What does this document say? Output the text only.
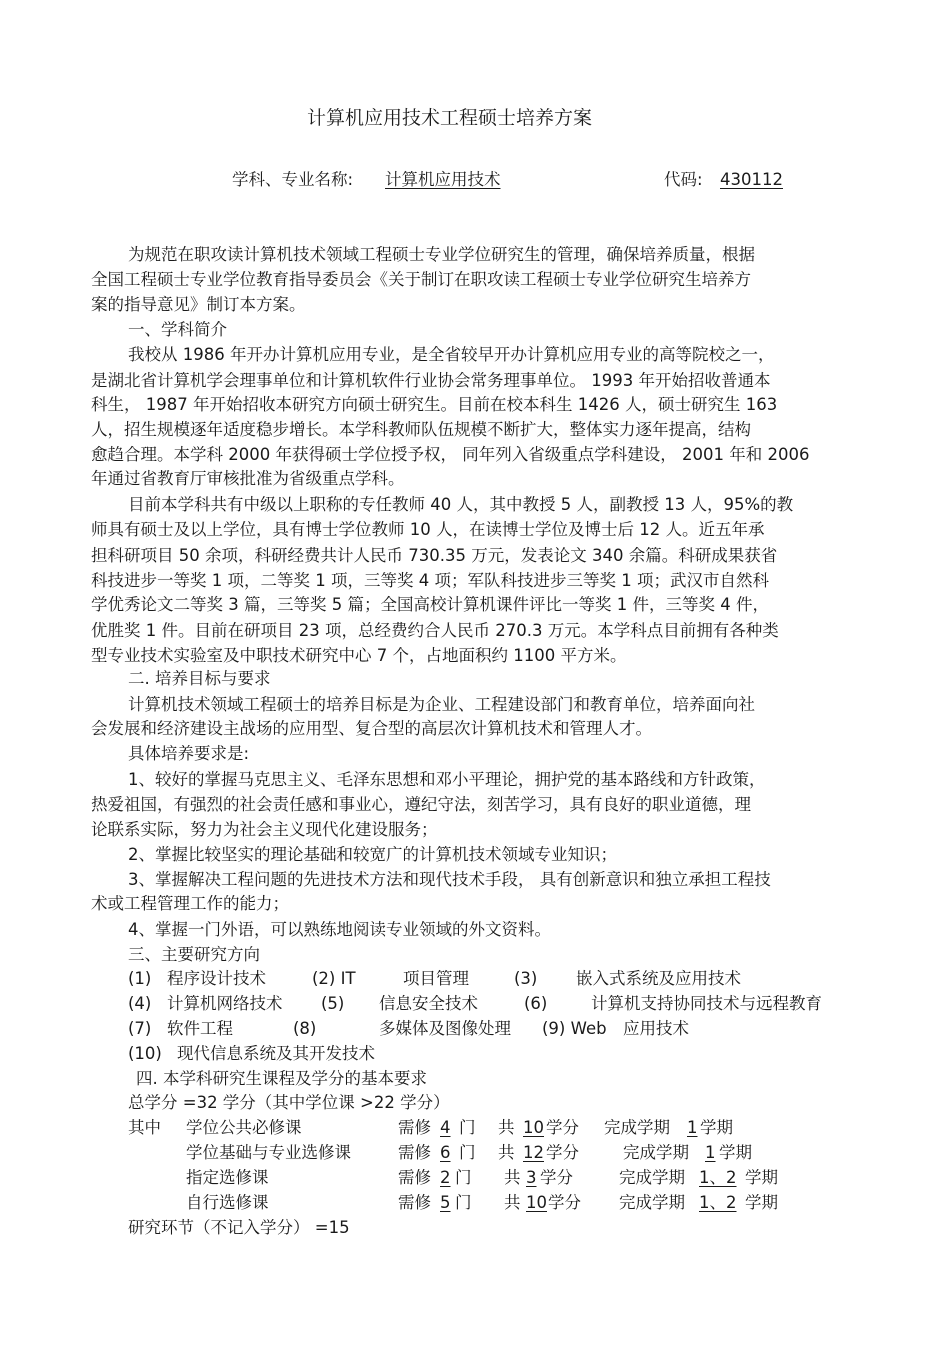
计算机应用技术工程硕士培养方案
学科、专业名称: 计算机应用技术	代码: 430112
为规范在职攻读计算机技术领域工程硕士专业学位研究生的管理，确保培养质量，根据
全国工程硕士专业学位教育指导委员会《关于制订在职攻读工程硕士专业学位研究生培养方
案的指导意见》制订本方案。
一、学科简介
我校从 1986 年开办计算机应用专业，是全省较早开办计算机应用专业的高等院校之一，
是湖北省计算机学会理事单位和计算机软件行业协会常务理事单位。 1993 年开始招收普通本
科生， 1987 年开始招收本研究方向硕士研究生。目前在校本科生 1426 人，硕士研究生 163
人，招生规模逐年适度稳步增长。本学科教师队伍规模不断扩大，整体实力逐年提高，结构
愈趋合理。本学科 2000 年获得硕士学位授予权， 同年列入省级重点学科建设， 2001 年和 2006
年通过省教育厅审核批准为省级重点学科。
目前本学科共有中级以上职称的专任教师 40 人，其中教授 5 人，副教授 13 人，95%的教
师具有硕士及以上学位，具有博士学位教师 10 人，在读博士学位及博士后 12 人。近五年承
担科研项目 50 余项，科研经费共计人民币 730.35 万元，发表论文 340 余篇。科研成果获省
科技进步一等奖 1 项，二等奖 1 项，三等奖 4 项；军队科技进步三等奖 1 项；武汉市自然科
学优秀论文二等奖 3 篇，三等奖 5 篇；全国高校计算机课件评比一等奖 1 件，三等奖 4 件，
优胜奖 1 件。目前在研项目 23 项，总经费约合人民币 270.3 万元。本学科点目前拥有各种类
型专业技术实验室及中职技术研究中心 7 个，占地面积约 1100 平方米。
二. 培养目标与要求
计算机技术领域工程硕士的培养目标是为企业、工程建设部门和教育单位，培养面向社
会发展和经济建设主战场的应用型、复合型的高层次计算机技术和管理人才。
具体培养要求是:
1、较好的掌握马克思主义、毛泽东思想和邓小平理论，拥护党的基本路线和方针政策，
热爱祖国，有强烈的社会责任感和事业心，遵纪守法，刻苦学习，具有良好的职业道德，理
论联系实际，努力为社会主义现代化建设服务；
2、掌握比较坚实的理论基础和较宽广的计算机技术领域专业知识；
3、掌握解决工程问题的先进技术方法和现代技术手段， 具有创新意识和独立承担工程技
术或工程管理工作的能力；
4、掌握一门外语，可以熟练地阅读专业领域的外文资料。
三、主要研究方向
(1) 程序设计技术	(2) IT	项目管理	(3) 嵌入式系统及应用技术
(4) 计算机网络技术 (5) 信息安全技术	(6)	计算机支持协同技术与远程教育
(7) 软件工程	(8)	多媒体及图像处理 (9) Web 应用技术
(10) 现代信息系统及其开发技术
四. 本学科研究生课程及学分的基本要求
总学分 =32 学分（其中学位课 >22 学分）
其中 学位公共必修课	需修 4 门 共 10 学分 完成学期 1 学期
学位基础与专业选修课	需修 6 门 共 12 学分	完成学期 1 学期
指定选修课	需修 2 门 共 3 学分	完成学期 1、2 学期
自行选修课	需修 5 门 共 10 学分 完成学期 1、2 学期
研究环节（不记入学分） =15
